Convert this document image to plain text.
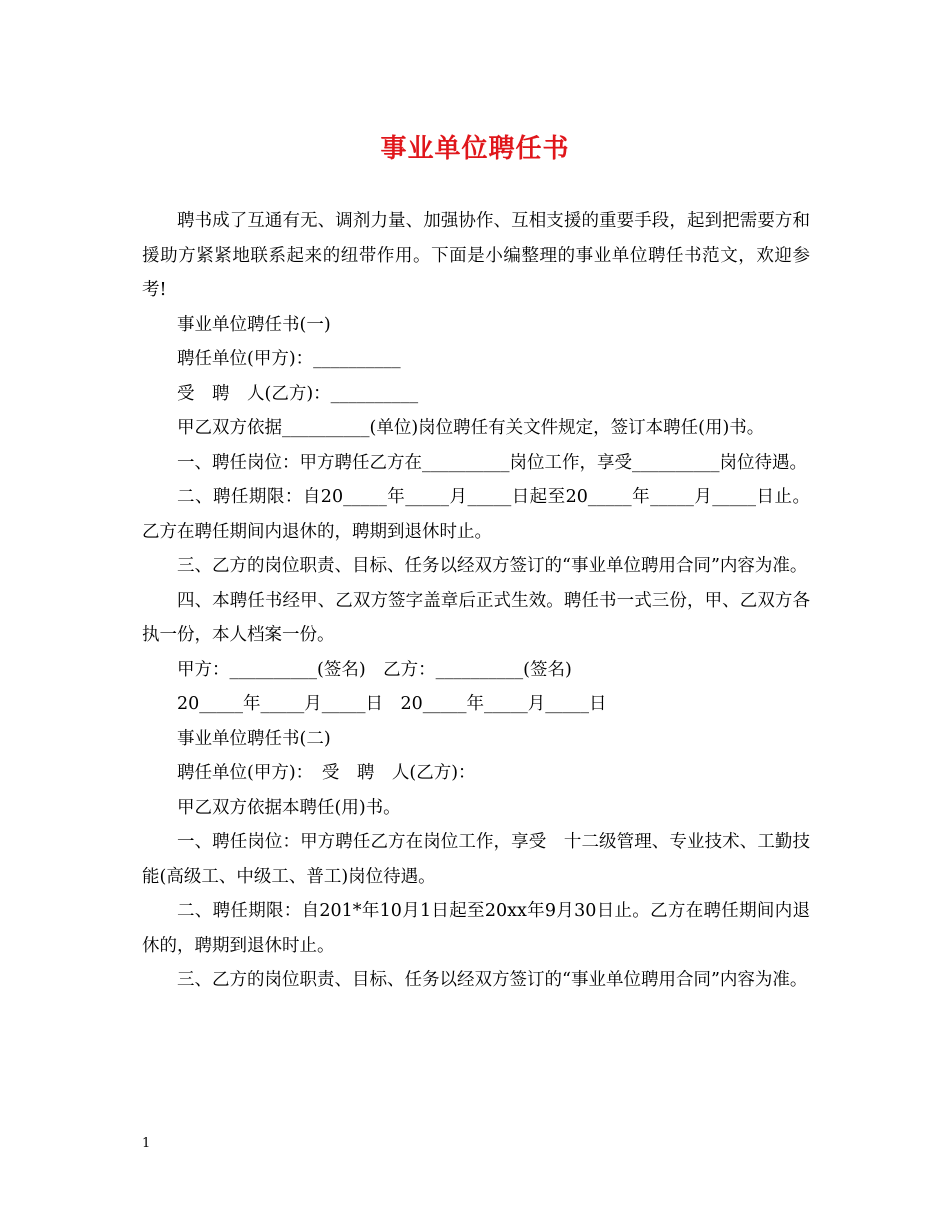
事业单位聘任书

聘书成了互通有无、调剂力量、加强协作、互相支援的重要手段，起到把需要方和援助方紧紧地联系起来的纽带作用。下面是小编整理的事业单位聘任书范文，欢迎参考!

事业单位聘任书(一)

聘任单位(甲方)：__________

受　聘　人(乙方)：__________

甲乙双方依据__________(单位)岗位聘任有关文件规定，签订本聘任(用)书。

一、聘任岗位：甲方聘任乙方在__________岗位工作，享受__________岗位待遇。

二、聘任期限：自20_____年_____月_____日起至20_____年_____月_____日止。乙方在聘任期间内退休的，聘期到退休时止。

三、乙方的岗位职责、目标、任务以经双方签订的“事业单位聘用合同”内容为准。

四、本聘任书经甲、乙双方签字盖章后正式生效。聘任书一式三份，甲、乙双方各执一份，本人档案一份。

甲方：__________(签名)　乙方：__________(签名)

20_____年_____月_____日　20_____年_____月_____日

事业单位聘任书(二)

聘任单位(甲方)：　受　聘　人(乙方)：

甲乙双方依据本聘任(用)书。

一、聘任岗位：甲方聘任乙方在岗位工作，享受　十二级管理、专业技术、工勤技能(高级工、中级工、普工)岗位待遇。

二、聘任期限：自201*年10月1日起至20xx年9月30日止。乙方在聘任期间内退休的，聘期到退休时止。

三、乙方的岗位职责、目标、任务以经双方签订的“事业单位聘用合同”内容为准。

1
